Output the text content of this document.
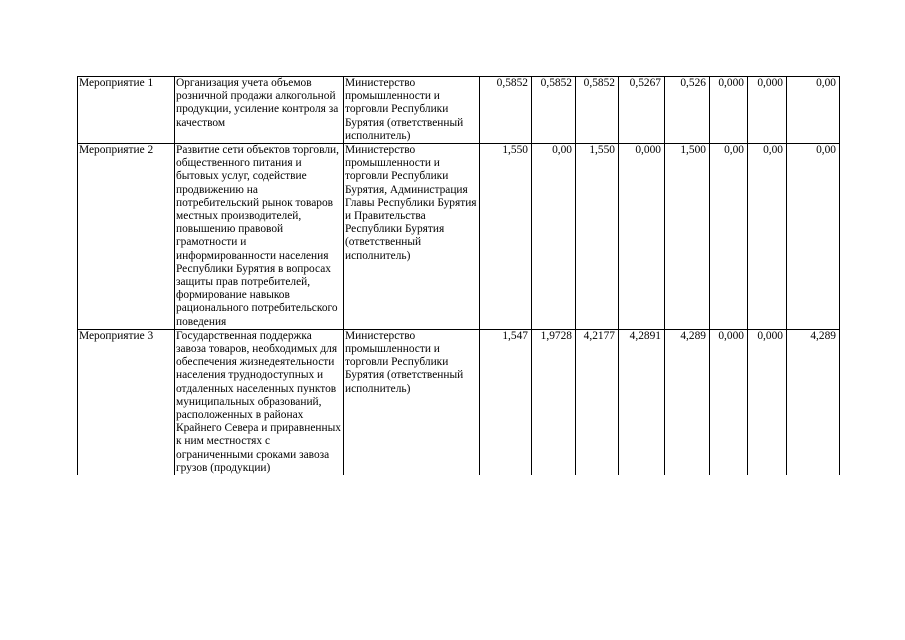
Мероприятие 1	Организация учета объемов розничной продажи алкогольной продукции, усиление контроля за качеством	Министерство промышленности и торговли Республики Бурятия (ответственный исполнитель)	0,5852	0,5852	0,5852	0,5267	0,526	0,000	0,000	0,00
Мероприятие 2	Развитие сети объектов торговли, общественного питания и бытовых услуг, содействие продвижению на потребительский рынок товаров местных производителей, повышению правовой грамотности и информированности населения Республики Бурятия в вопросах защиты прав потребителей, формирование навыков рационального потребительского поведения	Министерство промышленности и торговли Республики Бурятия, Администрация Главы Республики Бурятия и Правительства Республики Бурятия (ответственный исполнитель)	1,550	0,00	1,550	0,000	1,500	0,00	0,00	0,00
Мероприятие 3	Государственная поддержка завоза товаров, необходимых для обеспечения жизнедеятельности населения труднодоступных и отдаленных населенных пунктов муниципальных образований, расположенных в районах Крайнего Севера и приравненных к ним местностях с ограниченными сроками завоза грузов (продукции)	Министерство промышленности и торговли Республики Бурятия (ответственный исполнитель)	1,547	1,9728	4,2177	4,2891	4,289	0,000	0,000	4,289
